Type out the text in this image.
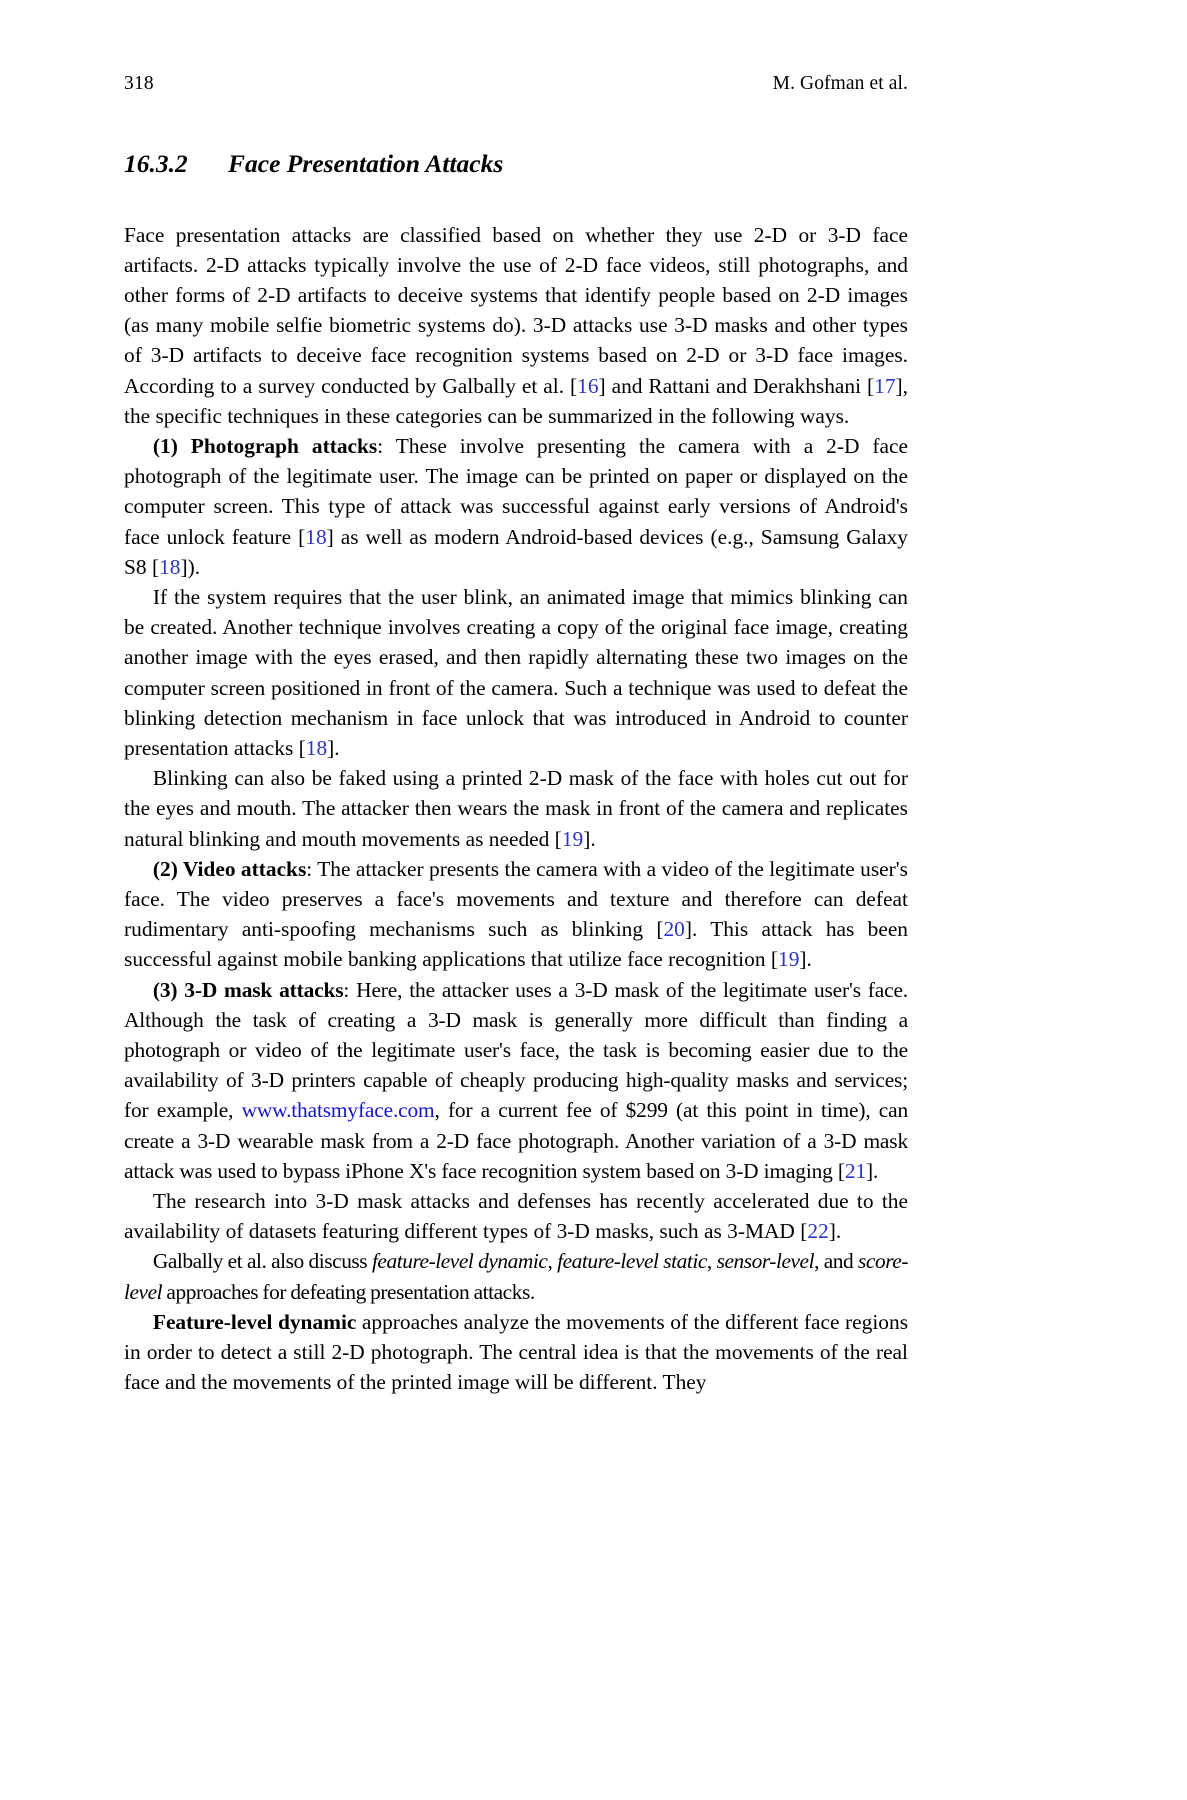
318	M. Gofman et al.
16.3.2	Face Presentation Attacks

Face presentation attacks are classified based on whether they use 2-D or 3-D face artifacts. 2-D attacks typically involve the use of 2-D face videos, still photographs, and other forms of 2-D artifacts to deceive systems that identify people based on 2-D images (as many mobile selfie biometric systems do). 3-D attacks use 3-D masks and other types of 3-D artifacts to deceive face recognition systems based on 2-D or 3-D face images. According to a survey conducted by Galbally et al. [16] and Rattani and Derakhshani [17], the specific techniques in these categories can be summarized in the following ways.

(1) Photograph attacks: These involve presenting the camera with a 2-D face photograph of the legitimate user. The image can be printed on paper or displayed on the computer screen. This type of attack was successful against early versions of Android's face unlock feature [18] as well as modern Android-based devices (e.g., Samsung Galaxy S8 [18]).

If the system requires that the user blink, an animated image that mimics blinking can be created. Another technique involves creating a copy of the original face image, creating another image with the eyes erased, and then rapidly alternating these two images on the computer screen positioned in front of the camera. Such a technique was used to defeat the blinking detection mechanism in face unlock that was introduced in Android to counter presentation attacks [18].

Blinking can also be faked using a printed 2-D mask of the face with holes cut out for the eyes and mouth. The attacker then wears the mask in front of the camera and replicates natural blinking and mouth movements as needed [19].

(2) Video attacks: The attacker presents the camera with a video of the legitimate user's face. The video preserves a face's movements and texture and therefore can defeat rudimentary anti-spoofing mechanisms such as blinking [20]. This attack has been successful against mobile banking applications that utilize face recognition [19].

(3) 3-D mask attacks: Here, the attacker uses a 3-D mask of the legitimate user's face. Although the task of creating a 3-D mask is generally more difficult than finding a photograph or video of the legitimate user's face, the task is becoming easier due to the availability of 3-D printers capable of cheaply producing high-quality masks and services; for example, www.thatsmyface.com, for a current fee of $299 (at this point in time), can create a 3-D wearable mask from a 2-D face photograph. Another variation of a 3-D mask attack was used to bypass iPhone X's face recognition system based on 3-D imaging [21].

The research into 3-D mask attacks and defenses has recently accelerated due to the availability of datasets featuring different types of 3-D masks, such as 3-MAD [22].

Galbally et al. also discuss feature-level dynamic, feature-level static, sensor-level, and score-level approaches for defeating presentation attacks.

Feature-level dynamic approaches analyze the movements of the different face regions in order to detect a still 2-D photograph. The central idea is that the movements of the real face and the movements of the printed image will be different. They
